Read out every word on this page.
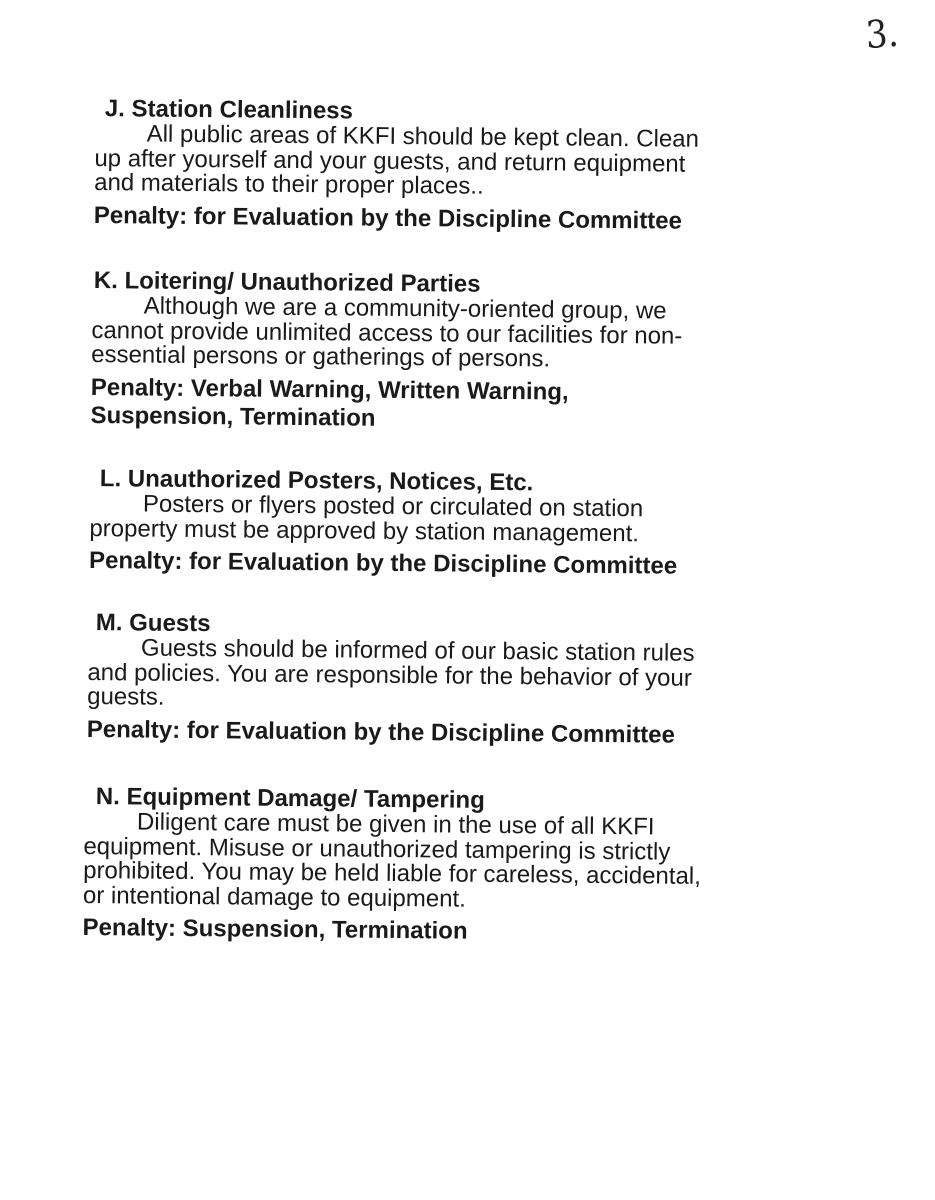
3.
J. Station Cleanliness
All public areas of KKFI should be kept clean. Clean
up after yourself and your guests, and return equipment
and materials to their proper places..
Penalty: for Evaluation by the Discipline Committee
K. Loitering/ Unauthorized Parties
Although we are a community-oriented group, we
cannot provide unlimited access to our facilities for non-
essential persons or gatherings of persons.
Penalty: Verbal Warning, Written Warning,
Suspension, Termination
L. Unauthorized Posters, Notices, Etc.
Posters or flyers posted or circulated on station
property must be approved by station management.
Penalty: for Evaluation by the Discipline Committee
M. Guests
Guests should be informed of our basic station rules
and policies. You are responsible for the behavior of your
guests.
Penalty: for Evaluation by the Discipline Committee
N. Equipment Damage/ Tampering
Diligent care must be given in the use of all KKFI
equipment. Misuse or unauthorized tampering is strictly
prohibited. You may be held liable for careless, accidental,
or intentional damage to equipment.
Penalty: Suspension, Termination
